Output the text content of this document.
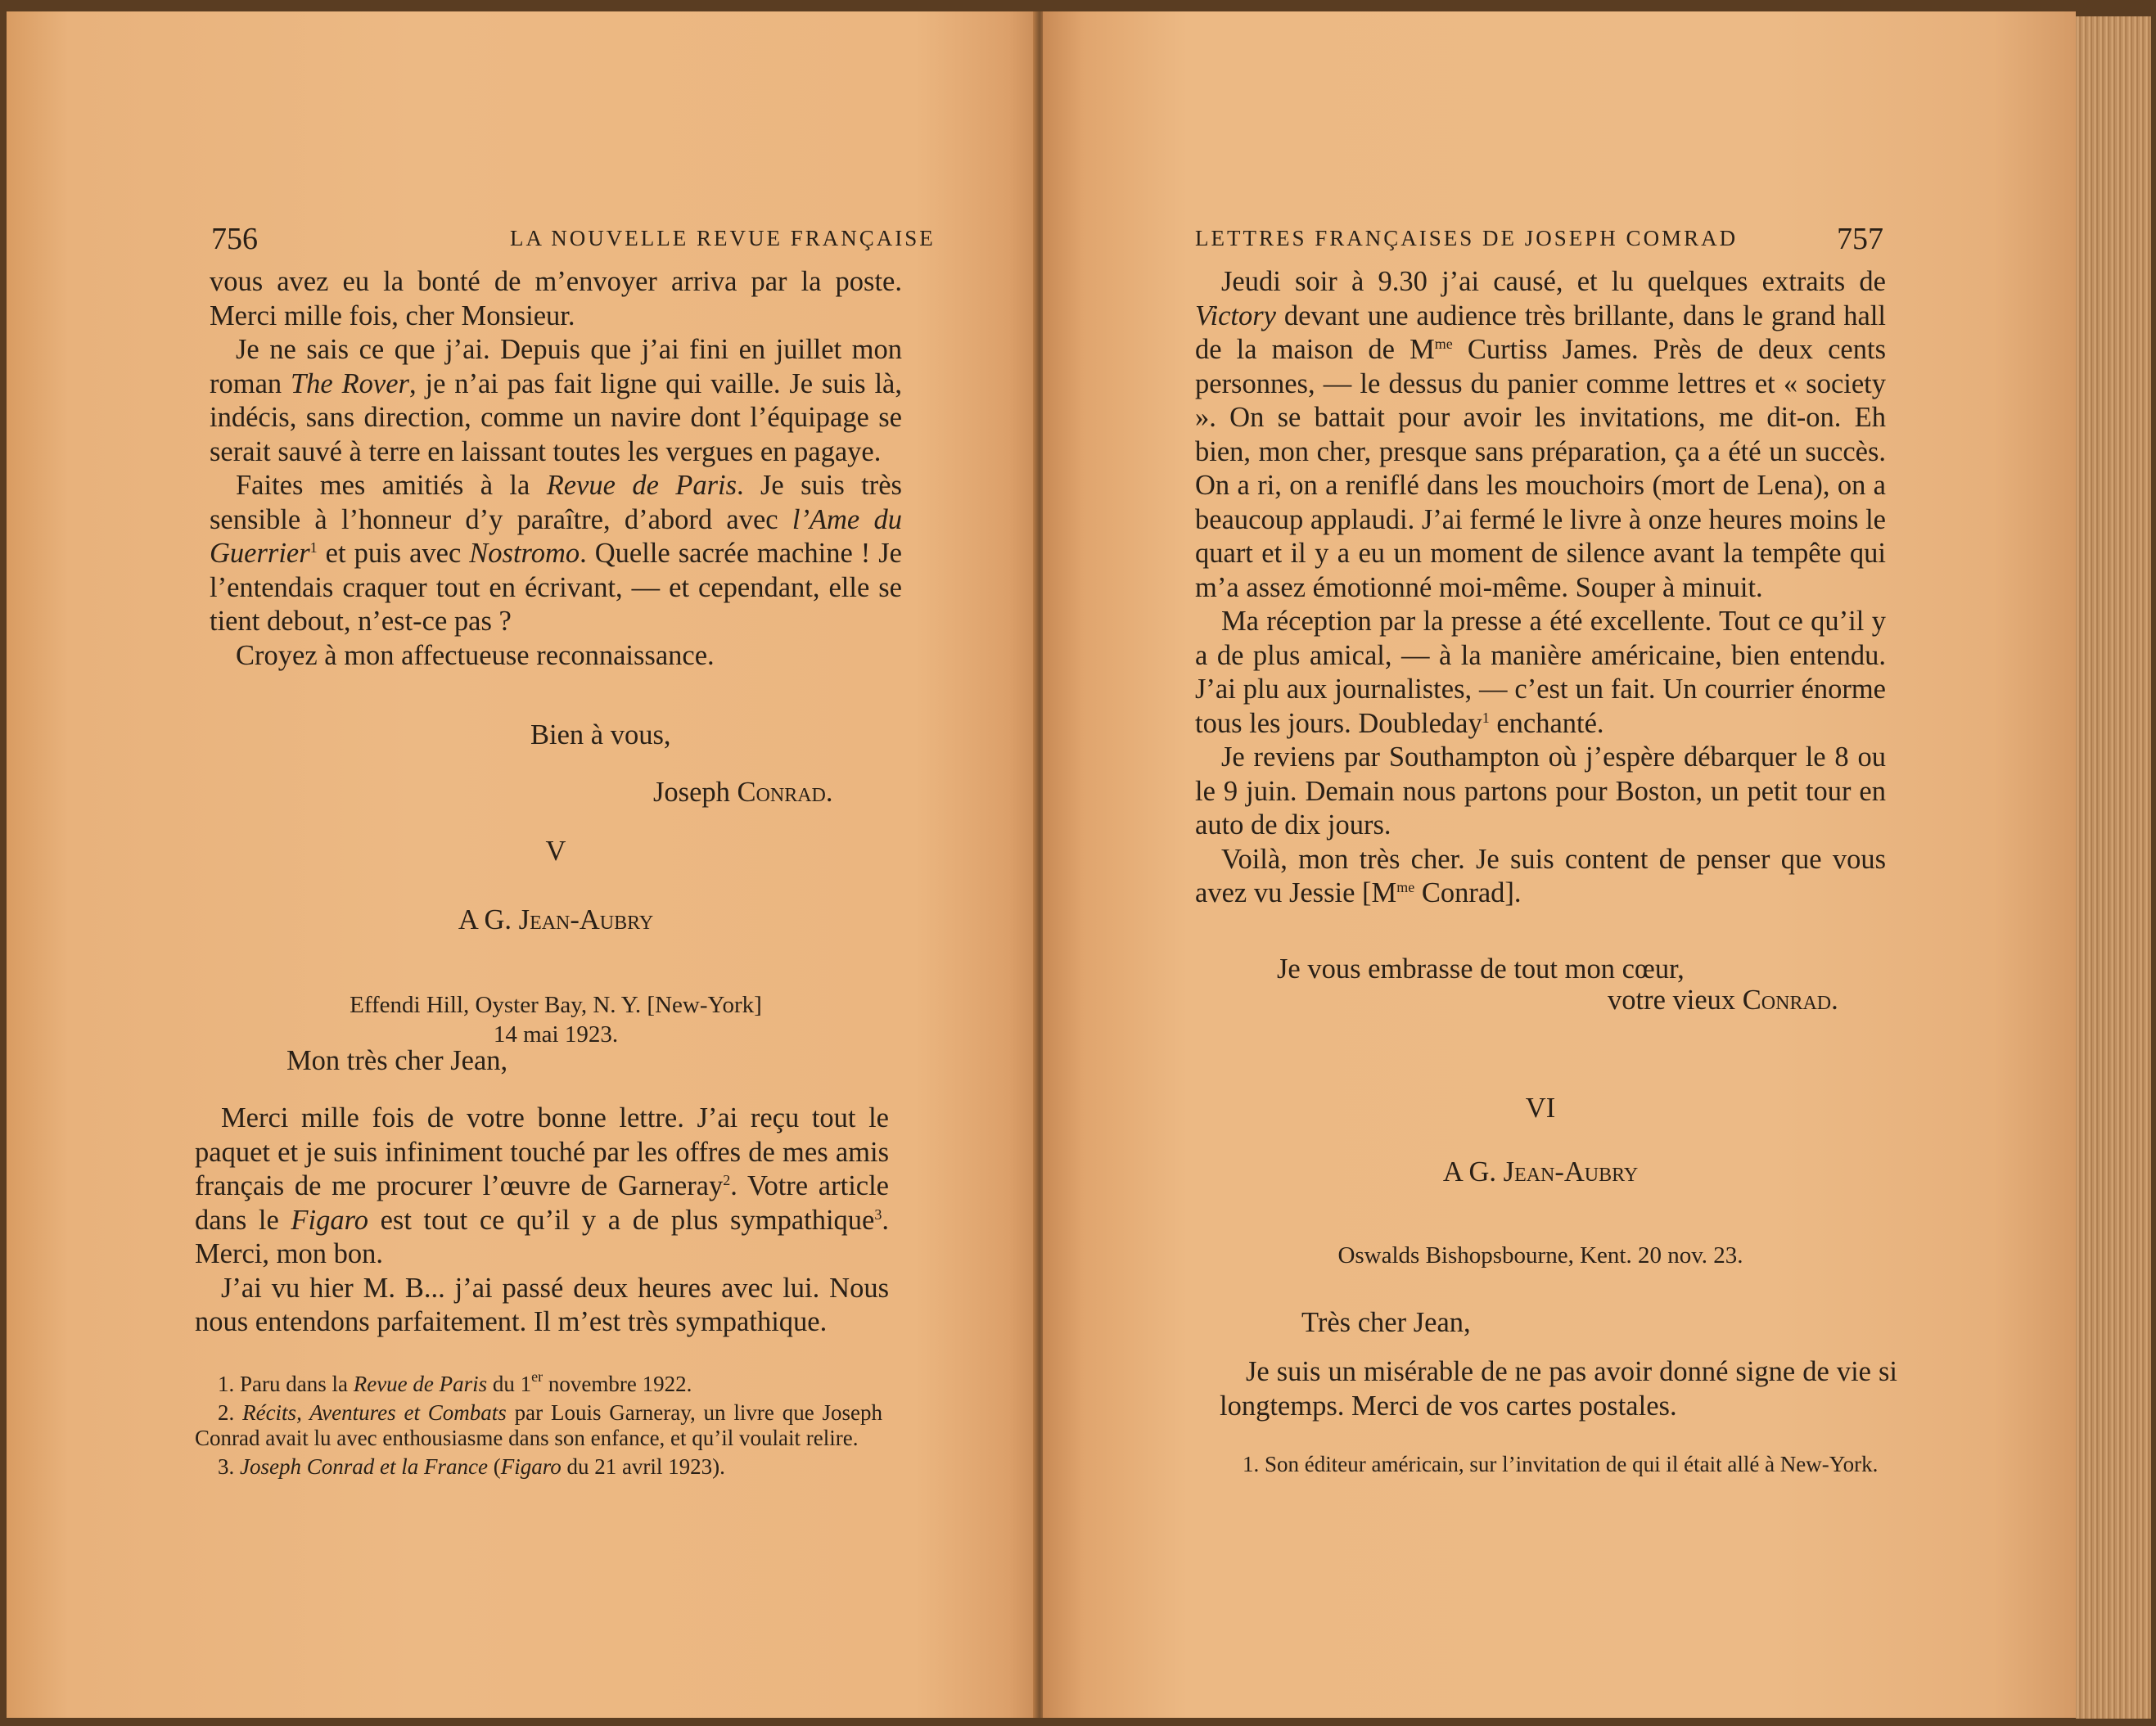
756	LA NOUVELLE REVUE FRANÇAISE

vous avez eu la bonté de m’envoyer arriva par la poste. Merci mille fois, cher Monsieur.

Je ne sais ce que j’ai. Depuis que j’ai fini en juillet mon roman The Rover, je n’ai pas fait ligne qui vaille. Je suis là, indécis, sans direction, comme un navire dont l’équipage se serait sauvé à terre en laissant toutes les vergues en pagaye.

Faites mes amitiés à la Revue de Paris. Je suis très sensible à l’honneur d’y paraître, d’abord avec l’Ame du Guerrier$^1$ et puis avec Nostromo. Quelle sacrée machine ! Je l’entendais craquer tout en écrivant, — et cependant, elle se tient debout, n’est-ce pas ?

Croyez à mon affectueuse reconnaissance.

Bien à vous,
Joseph Conrad.
V
A G. Jean-Aubry
Effendi Hill, Oyster Bay, N. Y. [New-York]
14 mai 1923.
Mon très cher Jean,

Merci mille fois de votre bonne lettre. J’ai reçu tout le paquet et je suis infiniment touché par les offres de mes amis français de me procurer l’œuvre de Garneray$^2$. Votre article dans le Figaro est tout ce qu’il y a de plus sympathique$^3$. Merci, mon bon.

J’ai vu hier M. B... j’ai passé deux heures avec lui. Nous nous entendons parfaitement. Il m’est très sympathique.

1. Paru dans la Revue de Paris du 1er novembre 1922.

2. Récits, Aventures et Combats par Louis Garneray, un livre que Joseph Conrad avait lu avec enthousiasme dans son enfance, et qu’il voulait relire.

3. Joseph Conrad et la France (Figaro du 21 avril 1923).

LETTRES FRANÇAISES DE JOSEPH COMRAD	757

Jeudi soir à 9.30 j’ai causé, et lu quelques extraits de Victory devant une audience très brillante, dans le grand hall de la maison de $M^{me}$ Curtiss James. Près de deux cents personnes, — le dessus du panier comme lettres et « society ». On se battait pour avoir les invitations, me dit-on. Eh bien, mon cher, presque sans préparation, ça a été un succès. On a ri, on a reniflé dans les mouchoirs (mort de Lena), on a beaucoup applaudi. J’ai fermé le livre à onze heures moins le quart et il y a eu un moment de silence avant la tempête qui m’a assez émotionné moi-même. Souper à minuit.

Ma réception par la presse a été excellente. Tout ce qu’il y a de plus amical, — à la manière américaine, bien entendu. J’ai plu aux journalistes, — c’est un fait. Un courrier énorme tous les jours. Doubleday$^1$ enchanté.

Je reviens par Southampton où j’espère débarquer le 8 ou le 9 juin. Demain nous partons pour Boston, un petit tour en auto de dix jours.

Voilà, mon très cher. Je suis content de penser que vous avez vu Jessie [$M^{me}$ Conrad].

Je vous embrasse de tout mon cœur,
votre vieux Conrad.
VI
A G. Jean-Aubry
Oswalds Bishopsbourne, Kent. 20 nov. 23.
Très cher Jean,

Je suis un misérable de ne pas avoir donné signe de vie si longtemps. Merci de vos cartes postales.

1. Son éditeur américain, sur l’invitation de qui il était allé à New-York.
